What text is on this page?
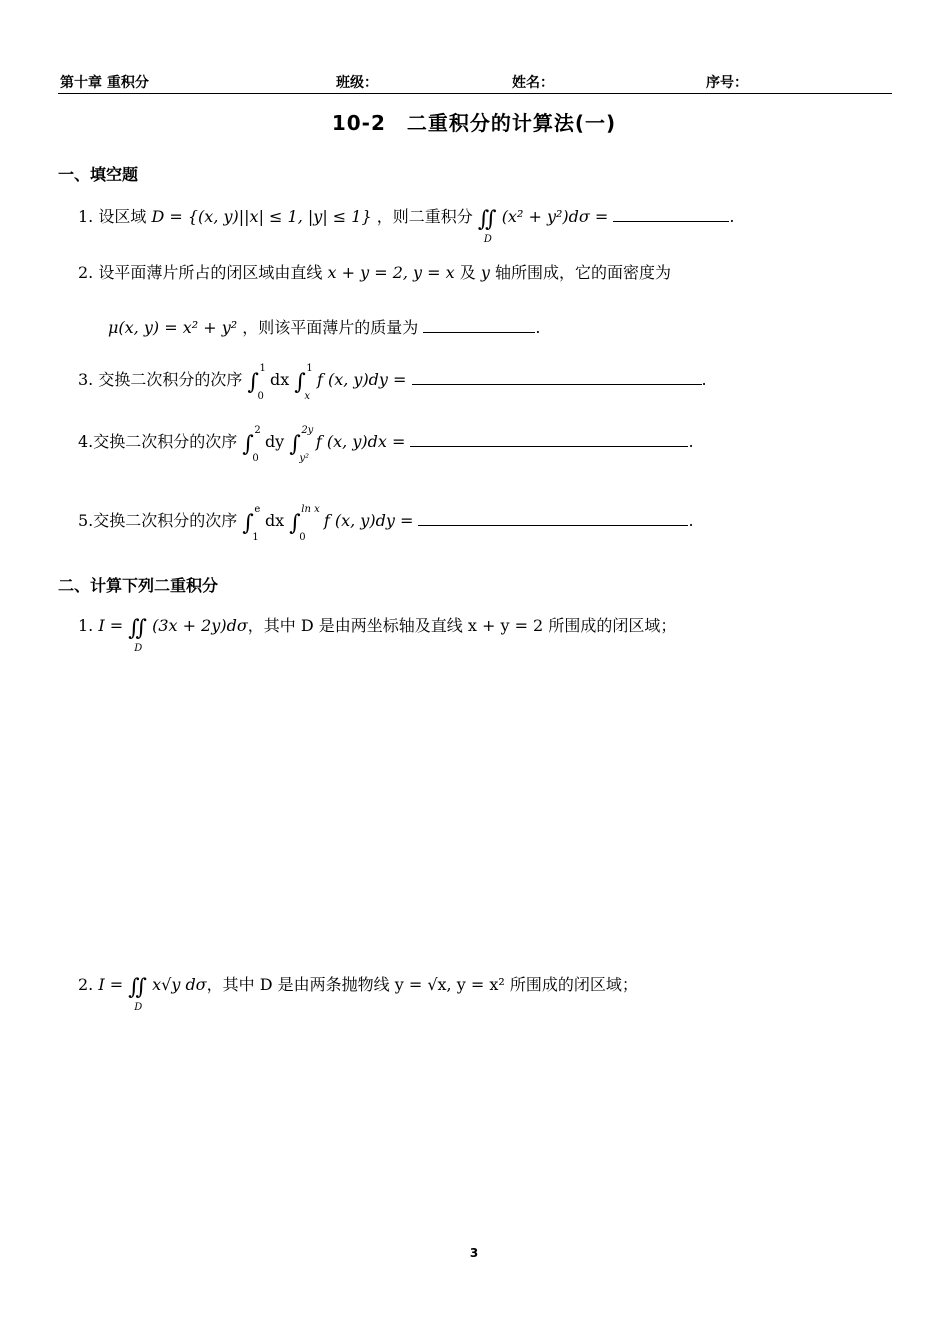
第十章 重积分	班级：	姓名：	序号：
10-2　二重积分的计算法(一)
一、填空题
1. 设区域 D = {(x, y)||x| ≤ 1, |y| ≤ 1} ，则二重积分 ∬
D
(x² + y²)dσ =	.
2. 设平面薄片所占的闭区域由直线 x + y = 2, y = x 及 y 轴所围成，它的面密度为
μ(x, y) = x² + y² ，则该平面薄片的质量为	.
3. 交换二次积分的次序 ∫
1
0
dx ∫
1
x
f (x, y)dy =	.
4.交换二次积分的次序 ∫
2
0
dy ∫
2y
y²
f (x, y)dx =	.
5.交换二次积分的次序 ∫
e
1
dx ∫
ln x
0
f (x, y)dy =	.
二、计算下列二重积分
1. I = ∬
D
(3x + 2y)dσ，其中 D 是由两坐标轴及直线 x + y = 2 所围成的闭区域；
2. I = ∬
D
x√y dσ，其中 D 是由两条抛物线 y = √x, y = x² 所围成的闭区域；
3
